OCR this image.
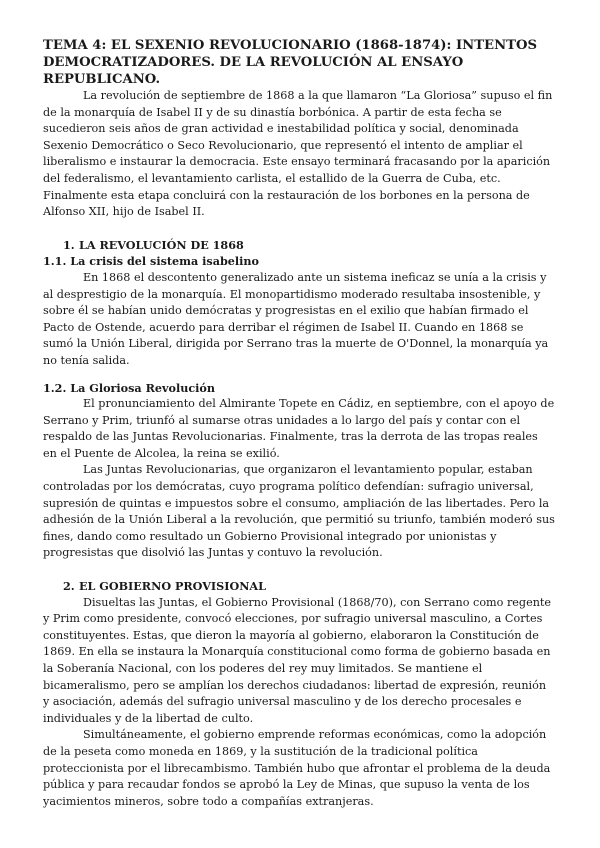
TEMA 4: EL SEXENIO REVOLUCIONARIO (1868-1874): INTENTOS
DEMOCRATIZADORES. DE LA REVOLUCIÓN AL ENSAYO REPUBLICANO.

La revolución de septiembre de 1868 a la que llamaron “La Gloriosa” supuso el fin de la monarquía de Isabel II y de su dinastía borbónica. A partir de esta fecha se sucedieron seis años de gran actividad e inestabilidad política y social, denominada Sexenio Democrático o Seco Revolucionario, que representó el intento de ampliar el liberalismo e instaurar la democracia. Este ensayo terminará fracasando por la aparición del federalismo, el levantamiento carlista, el estallido de la Guerra de Cuba, etc. Finalmente esta etapa concluirá con la restauración de los borbones en la persona de Alfonso XII, hijo de Isabel II.

1. LA REVOLUCIÓN DE 1868
1.1. La crisis del sistema isabelino

En 1868 el descontento generalizado ante un sistema ineficaz se unía a la crisis y al desprestigio de la monarquía. El monopartidismo moderado resultaba insostenible, y sobre él se habían unido demócratas y progresistas en el exilio que habían firmado el Pacto de Ostende, acuerdo para derribar el régimen de Isabel II. Cuando en 1868 se sumó la Unión Liberal, dirigida por Serrano tras la muerte de O'Donnel, la monarquía ya no tenía salida.

1.2. La Gloriosa Revolución

El pronunciamiento del Almirante Topete en Cádiz, en septiembre, con el apoyo de Serrano y Prim, triunfó al sumarse otras unidades a lo largo del país y contar con el respaldo de las Juntas Revolucionarias. Finalmente, tras la derrota de las tropas reales en el Puente de Alcolea, la reina se exilió.

Las Juntas Revolucionarias, que organizaron el levantamiento popular, estaban controladas por los demócratas, cuyo programa político defendían: sufragio universal, supresión de quintas e impuestos sobre el consumo, ampliación de las libertades. Pero la adhesión de la Unión Liberal a la revolución, que permitió su triunfo, también moderó sus fines, dando como resultado un Gobierno Provisional integrado por unionistas y progresistas que disolvió las Juntas y contuvo la revolución.

2. EL GOBIERNO PROVISIONAL

Disueltas las Juntas, el Gobierno Provisional (1868/70), con Serrano como regente y Prim como presidente, convocó elecciones, por sufragio universal masculino, a Cortes constituyentes. Estas, que dieron la mayoría al gobierno, elaboraron la Constitución de 1869. En ella se instaura la Monarquía constitucional como forma de gobierno basada en la Soberanía Nacional, con los poderes del rey muy limitados. Se mantiene el bicameralismo, pero se amplían los derechos ciudadanos: libertad de expresión, reunión y asociación, además del sufragio universal masculino y de los derecho procesales e individuales y de la libertad de culto.

Simultáneamente, el gobierno emprende reformas económicas, como la adopción de la peseta como moneda en 1869, y la sustitución de la tradicional política proteccionista por el librecambismo. También hubo que afrontar el problema de la deuda pública y para recaudar fondos se aprobó la Ley de Minas, que supuso la venta de los yacimientos mineros, sobre todo a compañías extranjeras.
